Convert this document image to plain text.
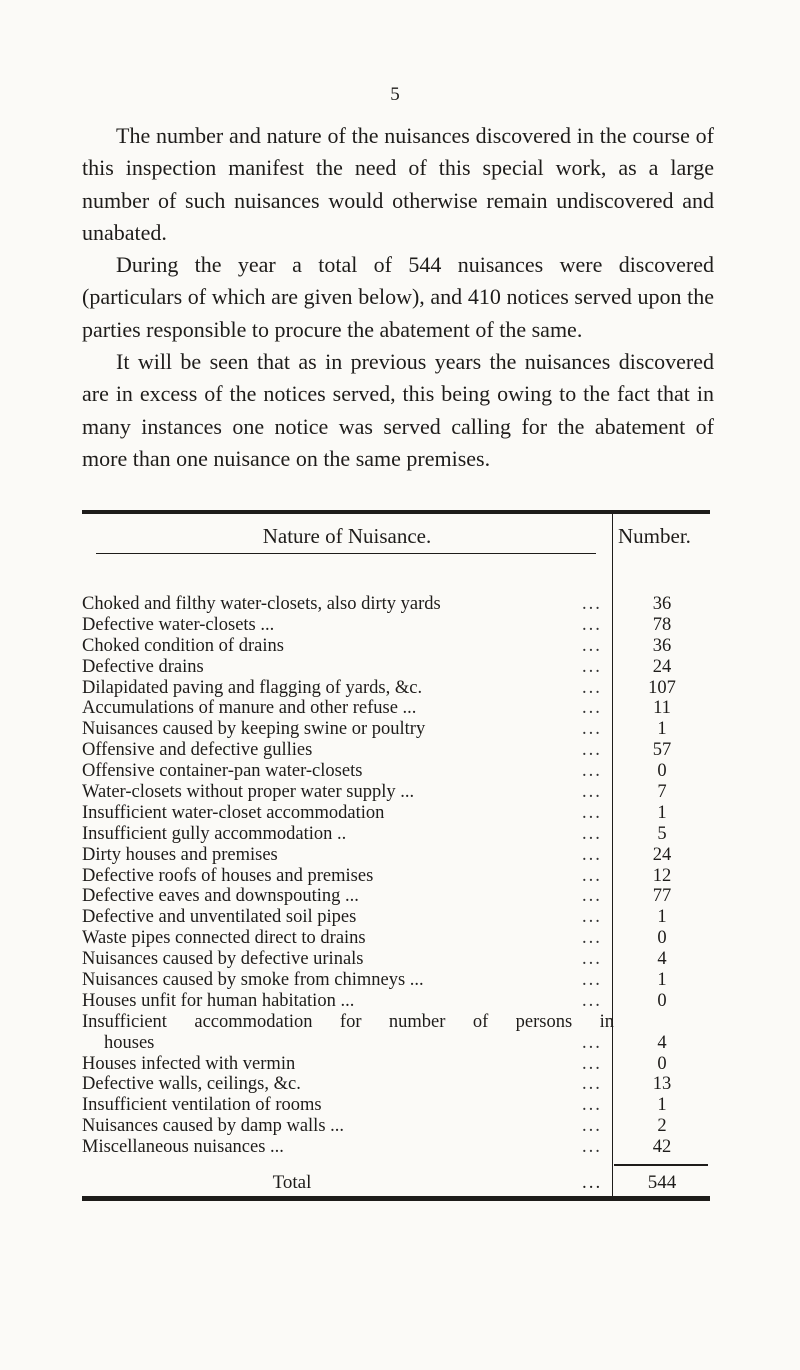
5

The number and nature of the nuisances discovered in the course of this inspection manifest the need of this special work, as a large number of such nuisances would otherwise remain undiscovered and unabated.

During the year a total of 544 nuisances were discovered (particulars of which are given below), and 410 notices served upon the parties responsible to procure the abatement of the same.

It will be seen that as in previous years the nuisances discovered are in excess of the notices served, this being owing to the fact that in many instances one notice was served calling for the abatement of more than one nuisance on the same premises.

Nature of Nuisance.	Number.
Choked and filthy water-closets, also dirty yards	...	36
Defective water-closets ...	...	78
Choked condition of drains	...	36
Defective drains	...	24
Dilapidated paving and flagging of yards, &c.	...	107
Accumulations of manure and other refuse ...	...	11
Nuisances caused by keeping swine or poultry	...	1
Offensive and defective gullies	...	57
Offensive container-pan water-closets	...	0
Water-closets without proper water supply ...	...	7
Insufficient water-closet accommodation	...	1
Insufficient gully accommodation ..	...	5
Dirty houses and premises	...	24
Defective roofs of houses and premises	...	12
Defective eaves and downspouting ...	...	77
Defective and unventilated soil pipes	...	1
Waste pipes connected direct to drains	...	0
Nuisances caused by defective urinals	...	4
Nuisances caused by smoke from chimneys ...	...	1
Houses unfit for human habitation ...	...	0
Insufficient accommodation for number of persons in
houses	...	4
Houses infected with vermin	...	0
Defective walls, ceilings, &c.	...	13
Insufficient ventilation of rooms	...	1
Nuisances caused by damp walls ...	...	2
Miscellaneous nuisances ...	...	42
Total	...	544
